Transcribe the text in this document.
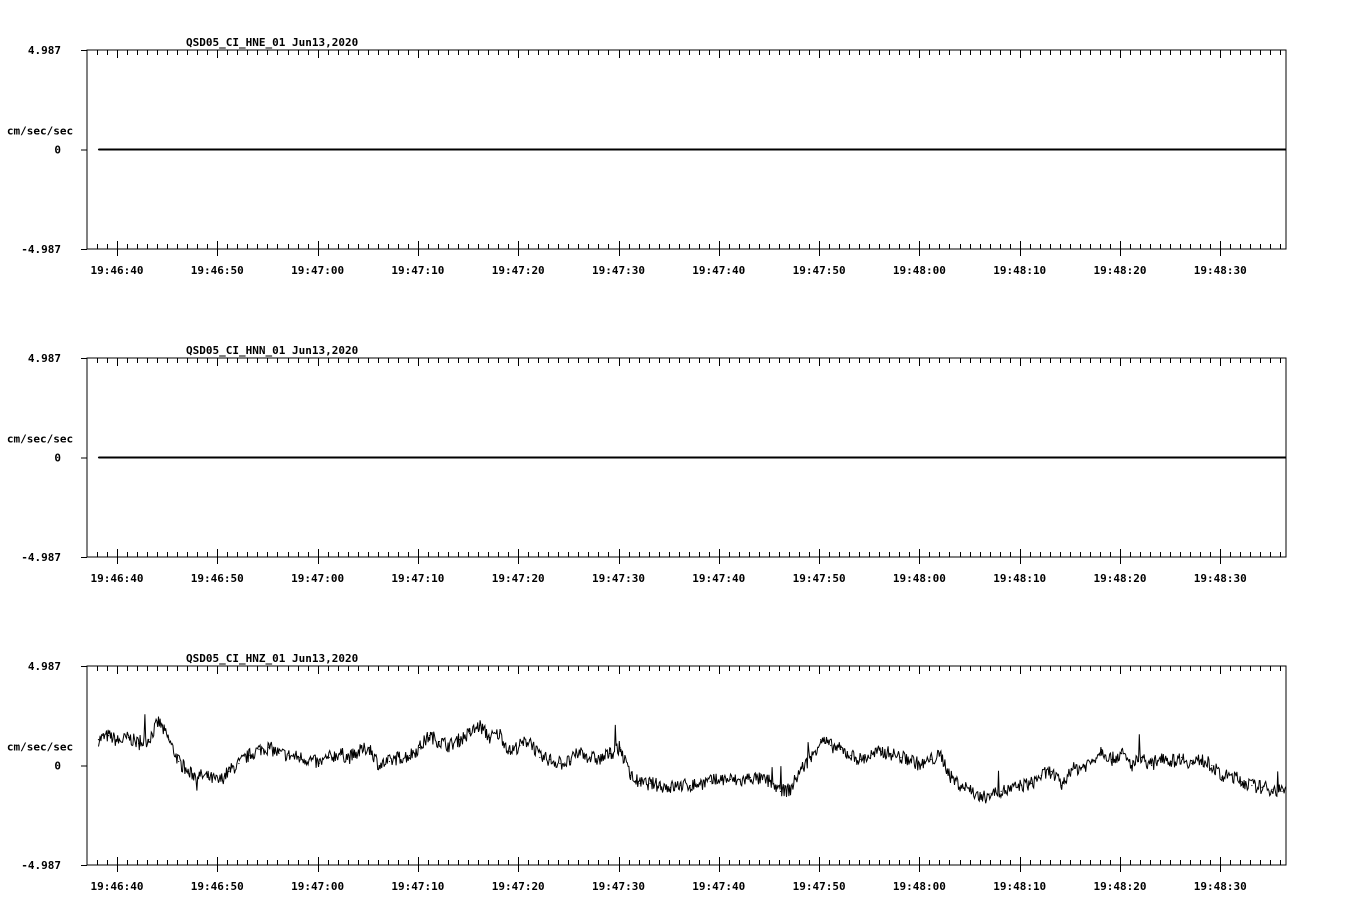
QSD05_CI_HNE_01 Jun13,2020
4.987
0
-4.987
cm/sec/sec
19:46:40	19:46:50	19:47:00	19:47:10	19:47:20	19:47:30	19:47:40	19:47:50	19:48:00	19:48:10	19:48:20	19:48:30
QSD05_CI_HNN_01 Jun13,2020
4.987
0
-4.987
cm/sec/sec
19:46:40	19:46:50	19:47:00	19:47:10	19:47:20	19:47:30	19:47:40	19:47:50	19:48:00	19:48:10	19:48:20	19:48:30
QSD05_CI_HNZ_01 Jun13,2020
4.987
0
-4.987
cm/sec/sec
19:46:40	19:46:50	19:47:00	19:47:10	19:47:20	19:47:30	19:47:40	19:47:50	19:48:00	19:48:10	19:48:20	19:48:30
